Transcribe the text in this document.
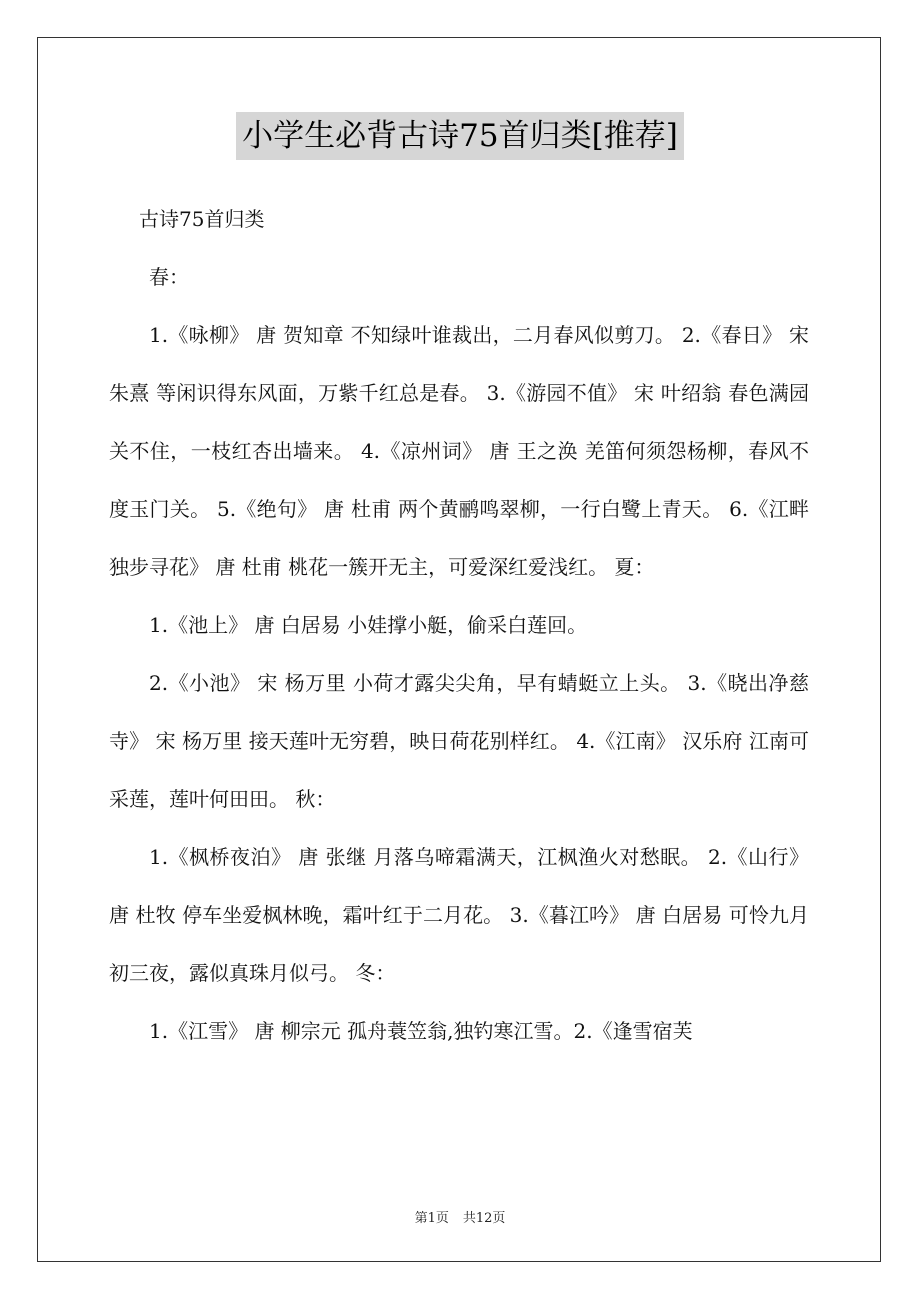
小学生必背古诗75首归类[推荐]

古诗75首归类

春：

1.《咏柳》 唐 贺知章 不知绿叶谁裁出，二月春风似剪刀。 2.《春日》 宋 朱熹 等闲识得东风面，万紫千红总是春。 3.《游园不值》 宋 叶绍翁 春色满园关不住，一枝红杏出墙来。 4.《凉州词》 唐 王之涣 羌笛何须怨杨柳，春风不度玉门关。 5.《绝句》 唐 杜甫 两个黄鹂鸣翠柳，一行白鹭上青天。 6.《江畔独步寻花》 唐 杜甫 桃花一簇开无主，可爱深红爱浅红。 夏：

1.《池上》 唐 白居易 小娃撑小艇，偷采白莲回。

2.《小池》 宋 杨万里 小荷才露尖尖角，早有蜻蜓立上头。 3.《晓出净慈寺》 宋 杨万里 接天莲叶无穷碧，映日荷花别样红。 4.《江南》 汉乐府 江南可采莲，莲叶何田田。 秋：

1.《枫桥夜泊》 唐 张继 月落乌啼霜满天，江枫渔火对愁眠。 2.《山行》 唐 杜牧 停车坐爱枫林晚，霜叶红于二月花。 3.《暮江吟》 唐 白居易 可怜九月初三夜，露似真珠月似弓。 冬：

1.《江雪》 唐 柳宗元 孤舟蓑笠翁,独钓寒江雪。2.《逢雪宿芙

第1页 共12页
